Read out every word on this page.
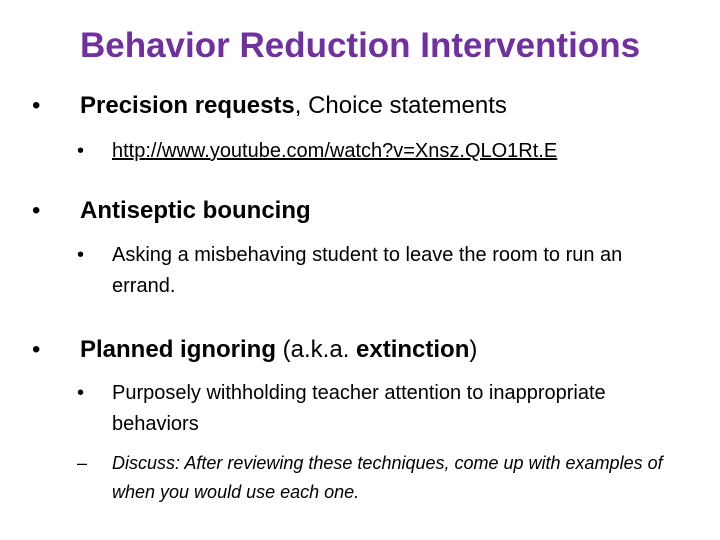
Behavior Reduction Interventions
• Precision requests, Choice statements
• http://www.youtube.com/watch?v=Xnsz.QLO1Rt.E
• Antiseptic bouncing
• Asking a misbehaving student to leave the room to run an errand.
• Planned ignoring (a.k.a. extinction)
• Purposely withholding teacher attention to inappropriate behaviors
– Discuss: After reviewing these techniques, come up with examples of when you would use each one.
